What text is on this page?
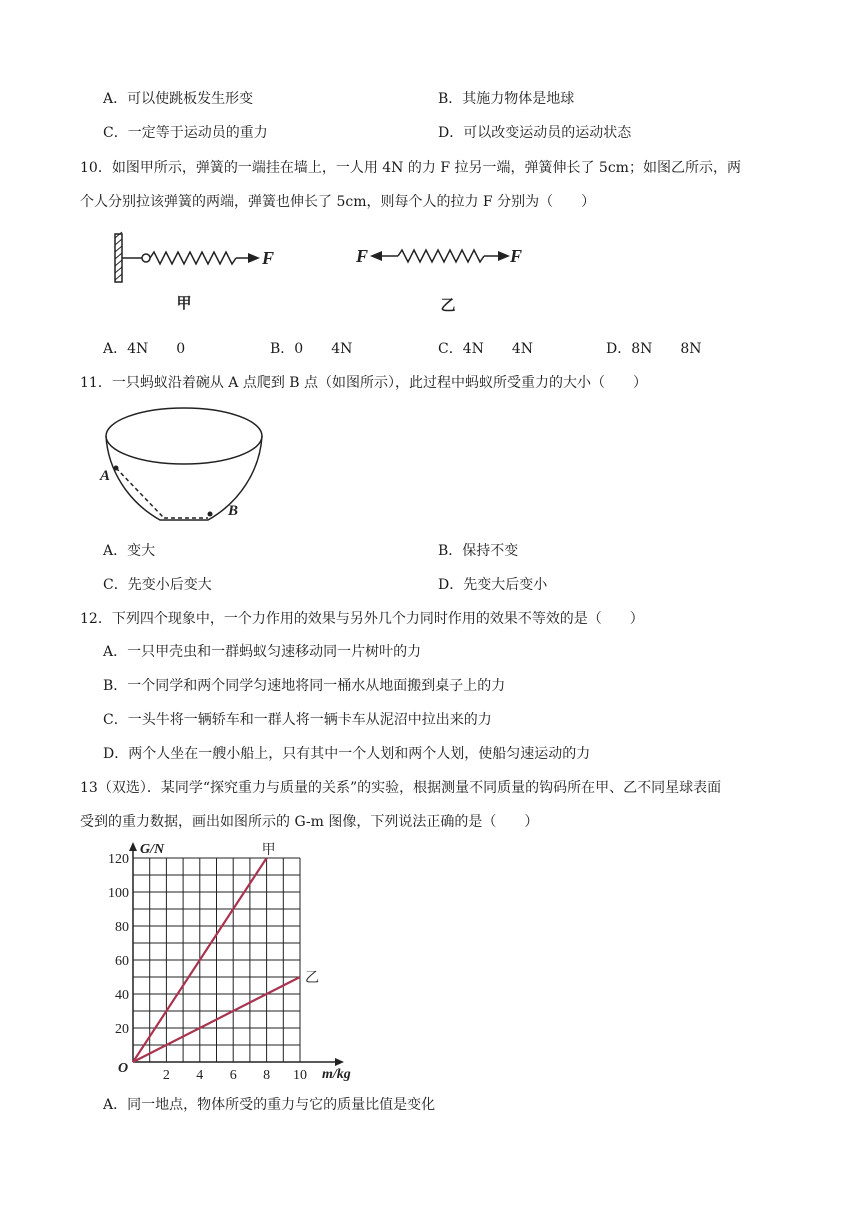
A．可以使跳板发生形变	B．其施力物体是地球
C．一定等于运动员的重力	D．可以改变运动员的运动状态
10．如图甲所示，弹簧的一端挂在墙上，一人用 4N 的力 F 拉另一端，弹簧伸长了 5cm；如图乙所示，两
个人分别拉该弹簧的两端，弹簧也伸长了 5cm，则每个人的拉力 F 分别为（　　）
F
甲
F	F
乙
A．4N　　0	B．0　　4N	C．4N　　4N	D．8N　　8N
11．一只蚂蚁沿着碗从 A 点爬到 B 点（如图所示），此过程中蚂蚁所受重力的大小（　　）
A
B
A．变大	B．保持不变
C．先变小后变大	D．先变大后变小
12．下列四个现象中，一个力作用的效果与另外几个力同时作用的效果不等效的是（　　）
A．一只甲壳虫和一群蚂蚁匀速移动同一片树叶的力
B．一个同学和两个同学匀速地将同一桶水从地面搬到桌子上的力
C．一头牛将一辆轿车和一群人将一辆卡车从泥沼中拉出来的力
D．两个人坐在一艘小船上，只有其中一个人划和两个人划，使船匀速运动的力
13（双选）．某同学“探究重力与质量的关系”的实验，根据测量不同质量的钩码所在甲、乙不同星球表面
受到的重力数据，画出如图所示的 G-m 图像，下列说法正确的是（　　）
2 4 6 8 10
20
40
60
80
100
120
甲
乙
G/N
m/kg
O
A．同一地点，物体所受的重力与它的质量比值是变化
